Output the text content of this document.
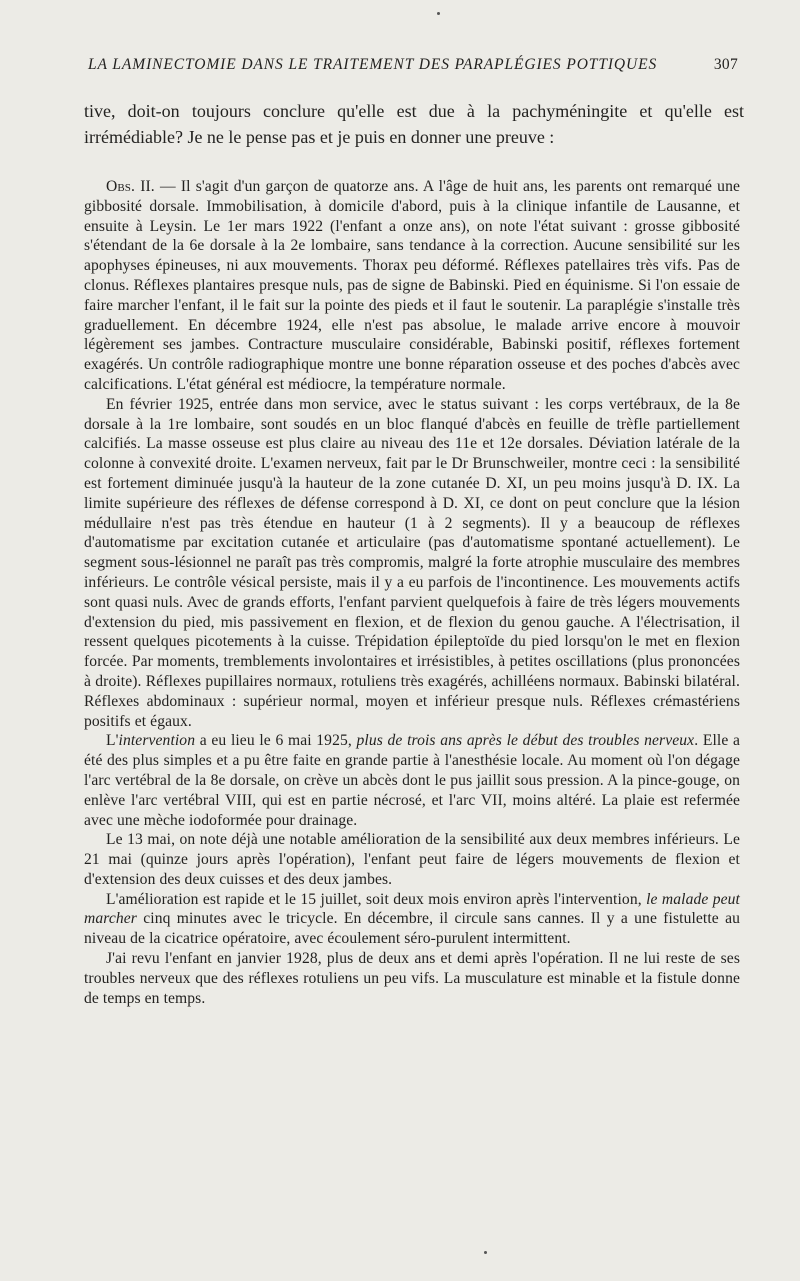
LA LAMINECTOMIE DANS LE TRAITEMENT DES PARAPLÉGIES POTTIQUES	307
tive, doit-on toujours conclure qu'elle est due à la pachyméningite et qu'elle est irrémédiable? Je ne le pense pas et je puis en donner une preuve :

Obs. II. — Il s'agit d'un garçon de quatorze ans. A l'âge de huit ans, les parents ont remarqué une gibbosité dorsale. Immobilisation, à domicile d'abord, puis à la clinique infantile de Lausanne, et ensuite à Leysin. Le 1er mars 1922 (l'enfant a onze ans), on note l'état suivant : grosse gibbosité s'étendant de la 6e dorsale à la 2e lombaire, sans tendance à la correction. Aucune sensibilité sur les apophyses épineuses, ni aux mouvements. Thorax peu déformé. Réflexes patellaires très vifs. Pas de clonus. Réflexes plantaires presque nuls, pas de signe de Babinski. Pied en équinisme. Si l'on essaie de faire marcher l'enfant, il le fait sur la pointe des pieds et il faut le soutenir. La paraplégie s'installe très graduellement. En décembre 1924, elle n'est pas absolue, le malade arrive encore à mouvoir légèrement ses jambes. Contracture musculaire considérable, Babinski positif, réflexes fortement exagérés. Un contrôle radiographique montre une bonne réparation osseuse et des poches d'abcès avec calcifications. L'état général est médiocre, la température normale.

En février 1925, entrée dans mon service, avec le status suivant : les corps vertébraux, de la 8e dorsale à la 1re lombaire, sont soudés en un bloc flanqué d'abcès en feuille de trèfle partiellement calcifiés. La masse osseuse est plus claire au niveau des 11e et 12e dorsales. Déviation latérale de la colonne à convexité droite. L'examen nerveux, fait par le Dr Brunschweiler, montre ceci : la sensibilité est fortement diminuée jusqu'à la hauteur de la zone cutanée D. XI, un peu moins jusqu'à D. IX. La limite supérieure des réflexes de défense correspond à D. XI, ce dont on peut conclure que la lésion médullaire n'est pas très étendue en hauteur (1 à 2 segments). Il y a beaucoup de réflexes d'automatisme par excitation cutanée et articulaire (pas d'automatisme spontané actuellement). Le segment sous-lésionnel ne paraît pas très compromis, malgré la forte atrophie musculaire des membres inférieurs. Le contrôle vésical persiste, mais il y a eu parfois de l'incontinence. Les mouvements actifs sont quasi nuls. Avec de grands efforts, l'enfant parvient quelquefois à faire de très légers mouvements d'extension du pied, mis passivement en flexion, et de flexion du genou gauche. A l'électrisation, il ressent quelques picotements à la cuisse. Trépidation épileptoïde du pied lorsqu'on le met en flexion forcée. Par moments, tremblements involontaires et irrésistibles, à petites oscillations (plus prononcées à droite). Réflexes pupillaires normaux, rotuliens très exagérés, achilléens normaux. Babinski bilatéral. Réflexes abdominaux : supérieur normal, moyen et inférieur presque nuls. Réflexes crémastériens positifs et égaux.

L'intervention a eu lieu le 6 mai 1925, plus de trois ans après le début des troubles nerveux. Elle a été des plus simples et a pu être faite en grande partie à l'anesthésie locale. Au moment où l'on dégage l'arc vertébral de la 8e dorsale, on crève un abcès dont le pus jaillit sous pression. A la pince-gouge, on enlève l'arc vertébral VIII, qui est en partie nécrosé, et l'arc VII, moins altéré. La plaie est refermée avec une mèche iodoformée pour drainage.

Le 13 mai, on note déjà une notable amélioration de la sensibilité aux deux membres inférieurs. Le 21 mai (quinze jours après l'opération), l'enfant peut faire de légers mouvements de flexion et d'extension des deux cuisses et des deux jambes.

L'amélioration est rapide et le 15 juillet, soit deux mois environ après l'intervention, le malade peut marcher cinq minutes avec le tricycle. En décembre, il circule sans cannes. Il y a une fistulette au niveau de la cicatrice opératoire, avec écoulement séro-purulent intermittent.

J'ai revu l'enfant en janvier 1928, plus de deux ans et demi après l'opération. Il ne lui reste de ses troubles nerveux que des réflexes rotuliens un peu vifs. La musculature est minable et la fistule donne de temps en temps.
